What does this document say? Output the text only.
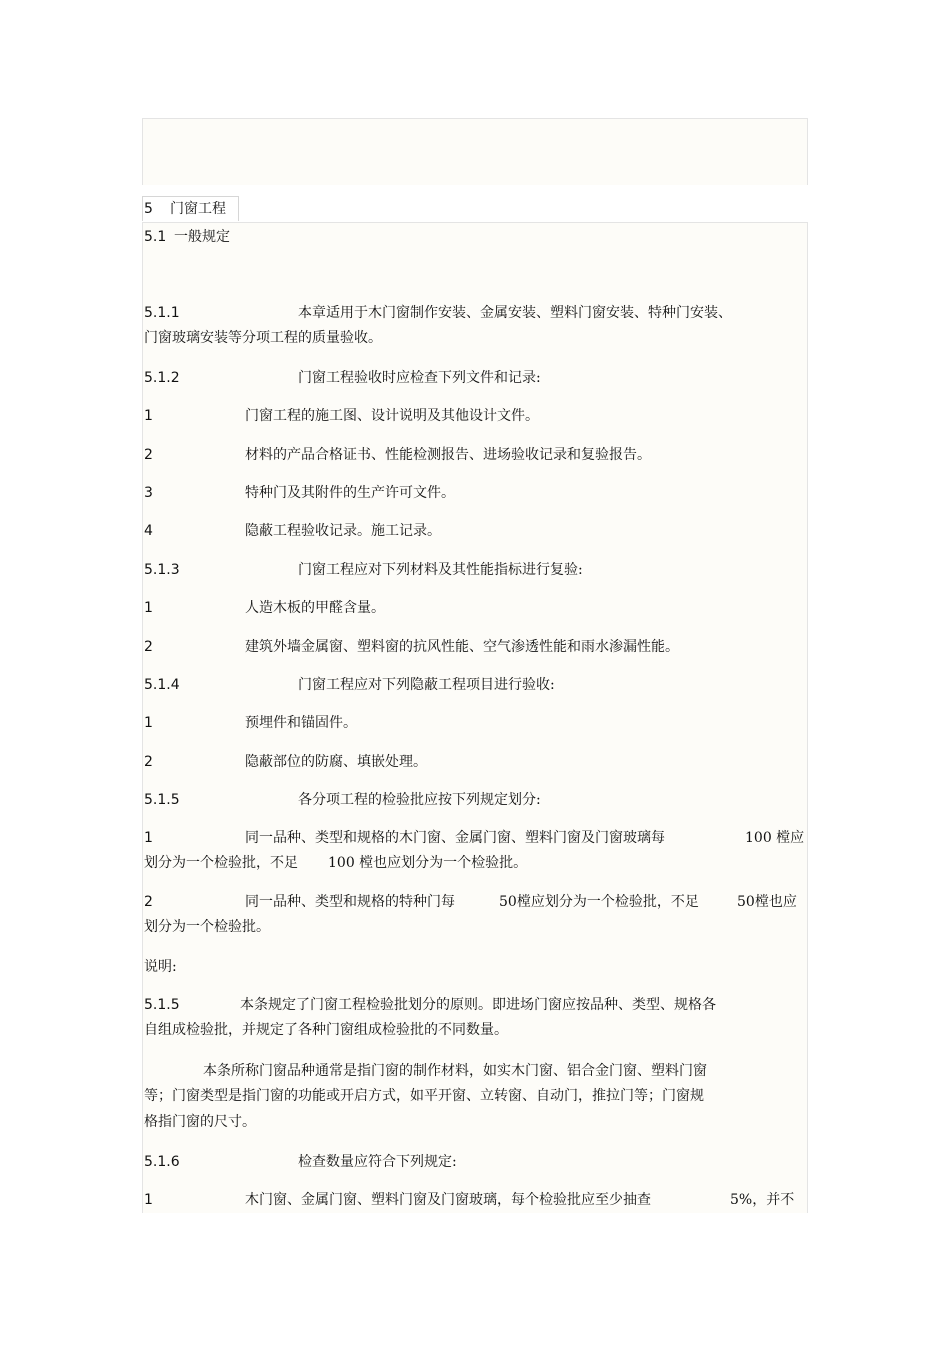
5 门窗工程
5.1 一般规定
5.1.1	本章适用于木门窗制作安装、金属安装、塑料门窗安装、特种门安装、
门窗玻璃安装等分项工程的质量验收。
5.1.2	门窗工程验收时应检查下列文件和记录:
1	门窗工程的施工图、设计说明及其他设计文件。
2	材料的产品合格证书、性能检测报告、进场验收记录和复验报告。
3	特种门及其附件的生产许可文件。
4	隐蔽工程验收记录。施工记录。
5.1.3	门窗工程应对下列材料及其性能指标进行复验:
1	人造木板的甲醛含量。
2	建筑外墙金属窗、塑料窗的抗风性能、空气渗透性能和雨水渗漏性能。
5.1.4	门窗工程应对下列隐蔽工程项目进行验收:
1	预埋件和锚固件。
2	隐蔽部位的防腐、填嵌处理。
5.1.5	各分项工程的检验批应按下列规定划分:
1	同一品种、类型和规格的木门窗、金属门窗、塑料门窗及门窗玻璃每	100 樘应
划分为一个检验批，不足 100 樘也应划分为一个检验批。
2	同一品种、类型和规格的特种门每	50樘应划分为一个检验批，不足	50樘也应
划分为一个检验批。
说明:
5.1.5	本条规定了门窗工程检验批划分的原则。即进场门窗应按品种、类型、规格各
自组成检验批，并规定了各种门窗组成检验批的不同数量。
本条所称门窗品种通常是指门窗的制作材料，如实木门窗、铝合金门窗、塑料门窗
等；门窗类型是指门窗的功能或开启方式，如平开窗、立转窗、自动门，推拉门等；门窗规
格指门窗的尺寸。
5.1.6	检查数量应符合下列规定:
1	木门窗、金属门窗、塑料门窗及门窗玻璃，每个检验批应至少抽查	5%，并不
